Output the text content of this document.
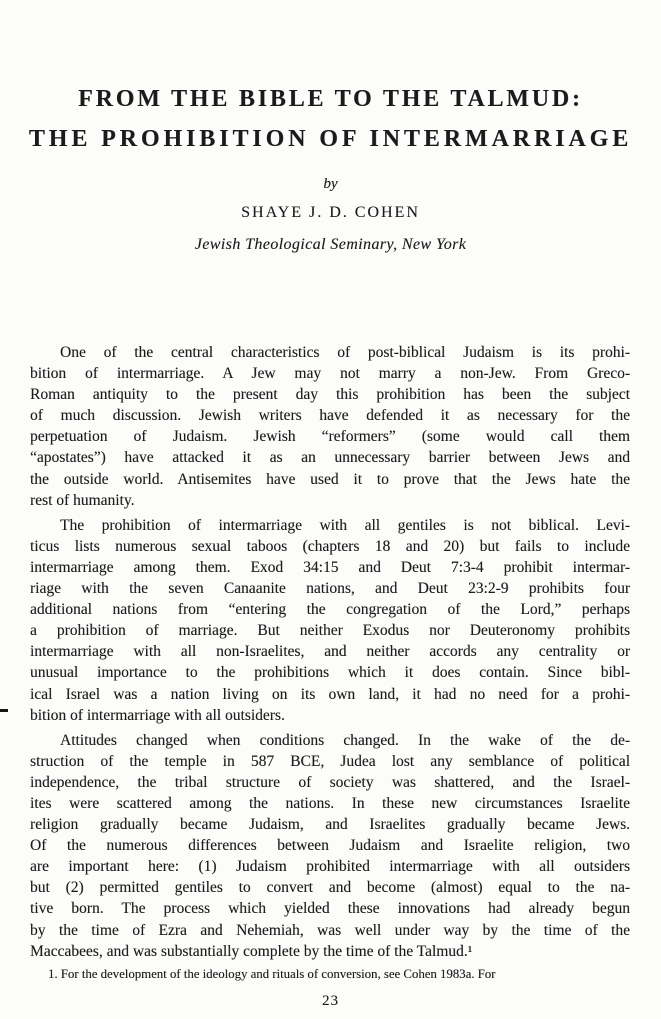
FROM THE BIBLE TO THE TALMUD:
THE PROHIBITION OF INTERMARRIAGE
by
SHAYE J. D. COHEN
Jewish Theological Seminary, New York
One of the central characteristics of post-biblical Judaism is its prohi-
bition of intermarriage. A Jew may not marry a non-Jew. From Greco-
Roman antiquity to the present day this prohibition has been the subject
of much discussion. Jewish writers have defended it as necessary for the
perpetuation of Judaism. Jewish “reformers” (some would call them
“apostates”) have attacked it as an unnecessary barrier between Jews and
the outside world. Antisemites have used it to prove that the Jews hate the
rest of humanity.
The prohibition of intermarriage with all gentiles is not biblical. Levi-
ticus lists numerous sexual taboos (chapters 18 and 20) but fails to include
intermarriage among them. Exod 34:15 and Deut 7:3-4 prohibit intermar-
riage with the seven Canaanite nations, and Deut 23:2-9 prohibits four
additional nations from “entering the congregation of the Lord,” perhaps
a prohibition of marriage. But neither Exodus nor Deuteronomy prohibits
intermarriage with all non-Israelites, and neither accords any centrality or
unusual importance to the prohibitions which it does contain. Since bibl-
ical Israel was a nation living on its own land, it had no need for a prohi-
bition of intermarriage with all outsiders.
Attitudes changed when conditions changed. In the wake of the de-
struction of the temple in 587 BCE, Judea lost any semblance of political
independence, the tribal structure of society was shattered, and the Israel-
ites were scattered among the nations. In these new circumstances Israelite
religion gradually became Judaism, and Israelites gradually became Jews.
Of the numerous differences between Judaism and Israelite religion, two
are important here: (1) Judaism prohibited intermarriage with all outsiders
but (2) permitted gentiles to convert and become (almost) equal to the na-
tive born. The process which yielded these innovations had already begun
by the time of Ezra and Nehemiah, was well under way by the time of the
Maccabees, and was substantially complete by the time of the Talmud.¹
1. For the development of the ideology and rituals of conversion, see Cohen 1983a. For
23
